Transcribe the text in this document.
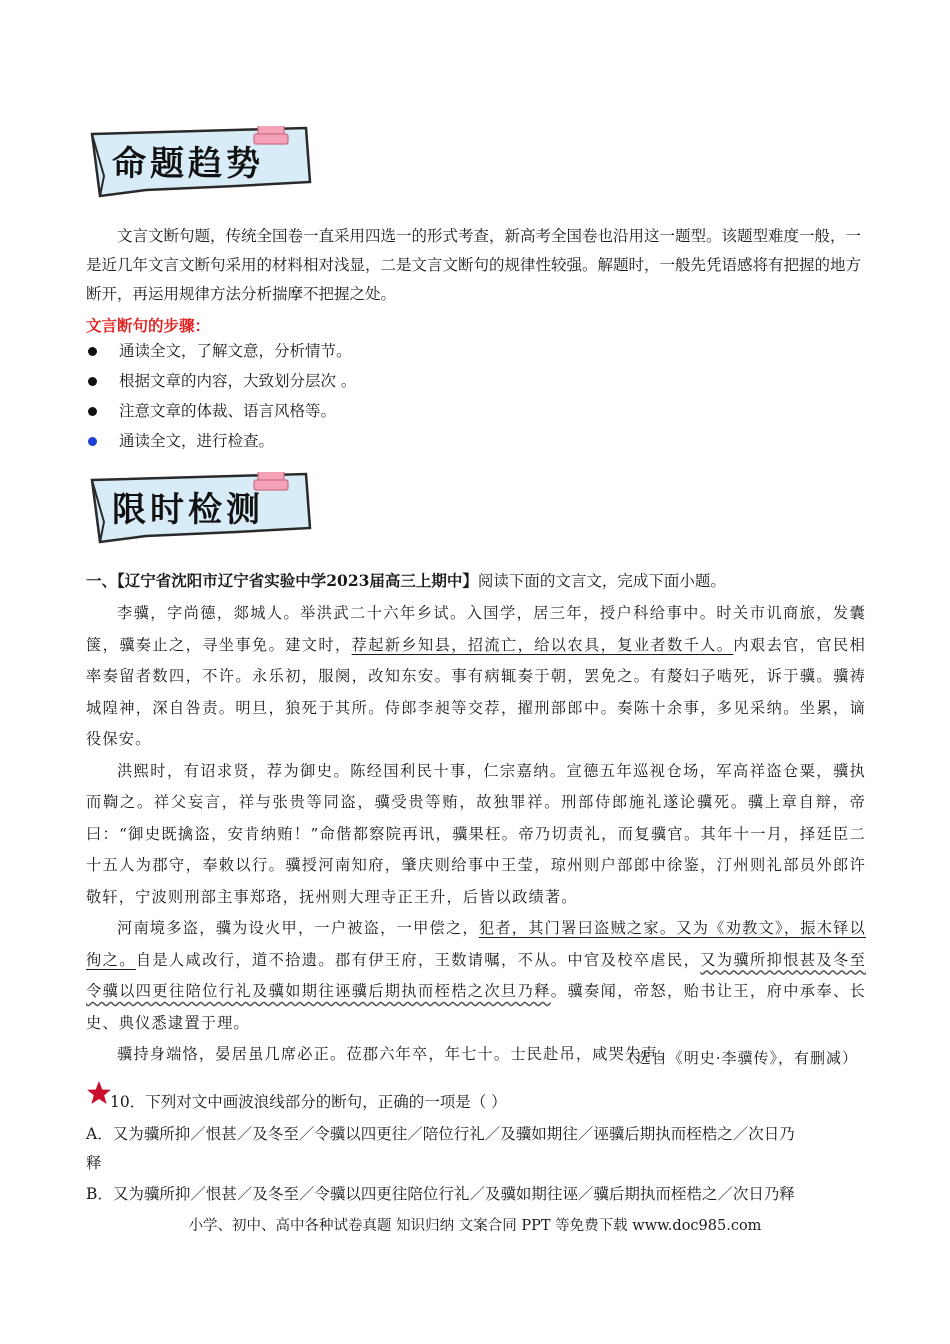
命题趋势
文言文断句题，传统全国卷一直采用四选一的形式考查，新高考全国卷也沿用这一题型。该题型难度一般，一是近几年文言文断句采用的材料相对浅显，二是文言文断句的规律性较强。解题时，一般先凭语感将有把握的地方断开，再运用规律方法分析揣摩不把握之处。
文言断句的步骤：
通读全文，了解文意，分析情节。
根据文章的内容，大致划分层次 。
注意文章的体裁、语言风格等。
通读全文，进行检查。
限时检测
一、【辽宁省沈阳市辽宁省实验中学2023届高三上期中】阅读下面的文言文，完成下面小题。

李骥，字尚德，郯城人。举洪武二十六年乡试。入国学，居三年，授户科给事中。时关市讥商旅，发囊箧，骥奏止之，寻坐事免。建文时，荐起新乡知县，招流亡，给以农具，复业者数千人。内艰去官，官民相率奏留者数四，不许。永乐初，服阕，改知东安。事有病辄奏于朝，罢免之。有嫠妇子啮死，诉于骥。骥祷城隍神，深自咎责。明旦，狼死于其所。侍郎李昶等交荐，擢刑部郎中。奏陈十余事，多见采纳。坐累，谪役保安。

洪熙时，有诏求贤，荐为御史。陈经国利民十事，仁宗嘉纳。宣德五年巡视仓场，军高祥盗仓粟，骥执而鞫之。祥父妄言，祥与张贵等同盗，骥受贵等贿，故独罪祥。刑部侍郎施礼遂论骥死。骥上章自辩，帝曰：“御史既擒盗，安肯纳贿！”命偕都察院再讯，骥果枉。帝乃切责礼，而复骥官。其年十一月，择廷臣二十五人为郡守，奉敕以行。骥授河南知府，肇庆则给事中王莹，琼州则户部郎中徐鉴，汀州则礼部员外郎许敬轩，宁波则刑部主事郑珞，抚州则大理寺正王升，后皆以政绩著。

河南境多盗，骥为设火甲，一户被盗，一甲偿之，犯者，其门署曰盗贼之家。又为《劝教文》，振木铎以徇之。自是人咸改行，道不拾遗。郡有伊王府，王数请嘱，不从。中官及校卒虐民，又为骥所抑恨甚及冬至令骥以四更往陪位行礼及骥如期往诬骥后期执而桎梏之次旦乃释。骥奏闻，帝怒，贻书让王，府中承奉、长史、典仪悉逮置于理。

骥持身端恪，晏居虽几席必正。莅郡六年卒，年七十。士民赴吊，咸哭失声。

（选自《明史·李骥传》，有删减）
10．下列对文中画波浪线部分的断句，正确的一项是（ ）
A．又为骥所抑／恨甚／及冬至／令骥以四更往／陪位行礼／及骥如期往／诬骥后期执而桎梏之／次日乃
释
B．又为骥所抑／恨甚／及冬至／令骥以四更往陪位行礼／及骥如期往诬／骥后期执而桎梏之／次日乃释
小学、初中、高中各种试卷真题 知识归纳 文案合同 PPT 等免费下载 www.doc985.com
